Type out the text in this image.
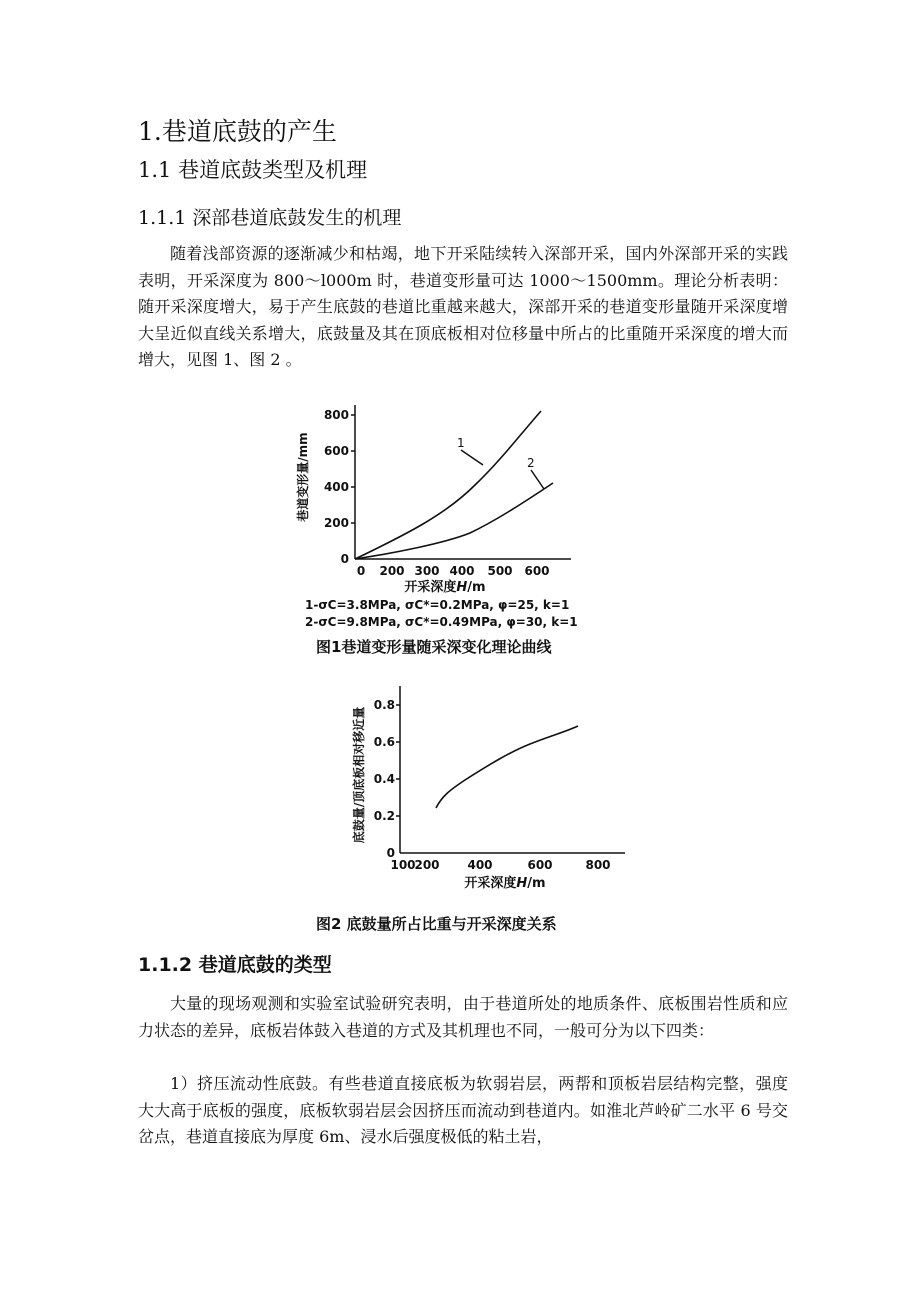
1.巷道底鼓的产生
1.1 巷道底鼓类型及机理
1.1.1 深部巷道底鼓发生的机理

随着浅部资源的逐渐减少和枯竭，地下开采陆续转入深部开采，国内外深部开采的实践表明，开采深度为 800～l000m 时，巷道变形量可达 1000～1500mm。理论分析表明：随开采深度增大，易于产生底鼓的巷道比重越来越大，深部开采的巷道变形量随开采深度增大呈近似直线关系增大，底鼓量及其在顶底板相对位移量中所占的比重随开采深度的增大而增大，见图 1、图 2 。

巷道变形量/mm
800
600
400
200
0
0 200 300 400 500 600
开采深度H/m
1
2
1-σC=3.8MPa, σC*=0.2MPa, φ=25, k=1
2-σC=9.8MPa, σC*=0.49MPa, φ=30, k=1
图1巷道变形量随采深变化理论曲线
底鼓量/顶底板相对移近量
0.8
0.6
0.4
0.2
0
100
200 400	600	800
开采深度H/m
图2 底鼓量所占比重与开采深度关系
1.1.2 巷道底鼓的类型

大量的现场观测和实验室试验研究表明，由于巷道所处的地质条件、底板围岩性质和应力状态的差异，底板岩体鼓入巷道的方式及其机理也不同，一般可分为以下四类：

1）挤压流动性底鼓。有些巷道直接底板为软弱岩层，两帮和顶板岩层结构完整，强度大大高于底板的强度，底板软弱岩层会因挤压而流动到巷道内。如淮北芦岭矿二水平 6 号交岔点，巷道直接底为厚度 6m、浸水后强度极低的粘土岩，
